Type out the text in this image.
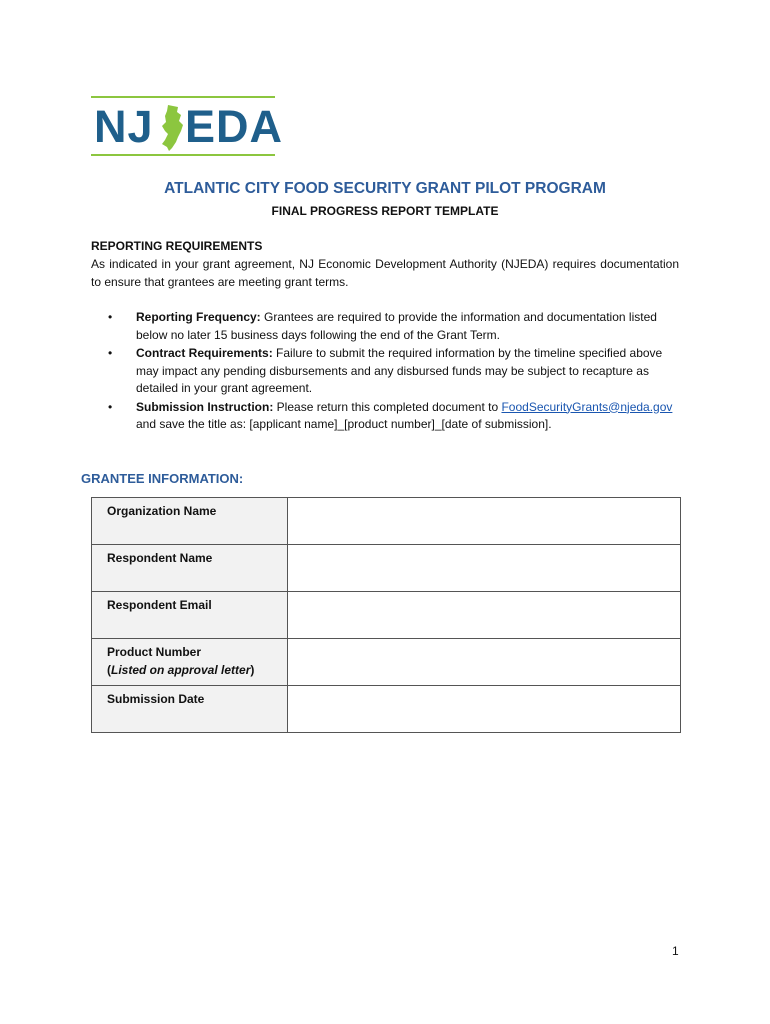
NJ EDA
ATLANTIC CITY FOOD SECURITY GRANT PILOT PROGRAM
FINAL PROGRESS REPORT TEMPLATE
REPORTING REQUIREMENTS
As indicated in your grant agreement, NJ Economic Development Authority (NJEDA) requires documentation to ensure that grantees are meeting grant terms.
• Reporting Frequency: Grantees are required to provide the information and documentation listed below no later 15 business days following the end of the Grant Term.
• Contract Requirements: Failure to submit the required information by the timeline specified above may impact any pending disbursements and any disbursed funds may be subject to recapture as detailed in your grant agreement.
• Submission Instruction: Please return this completed document to FoodSecurityGrants@njeda.gov and save the title as: [applicant name]_[product number]_[date of submission].
GRANTEE INFORMATION:
Organization Name	
Respondent Name	
Respondent Email	
Product Number
(Listed on approval letter)	
Submission Date	
1
